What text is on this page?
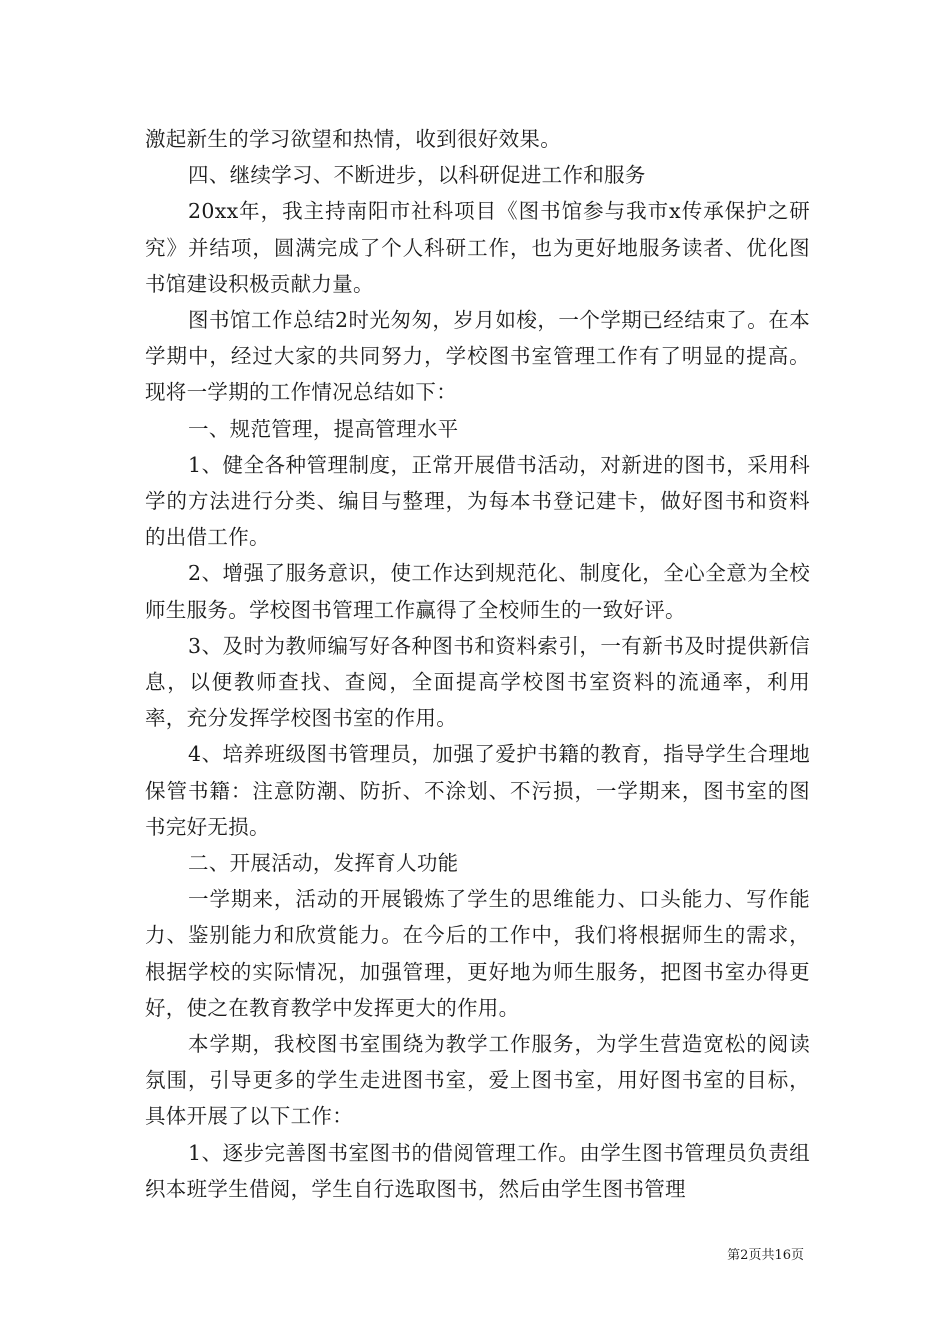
激起新生的学习欲望和热情，收到很好效果。

四、继续学习、不断进步，以科研促进工作和服务

20xx年，我主持南阳市社科项目《图书馆参与我市x传承保护之研究》并结项，圆满完成了个人科研工作，也为更好地服务读者、优化图书馆建设积极贡献力量。

图书馆工作总结2时光匆匆，岁月如梭，一个学期已经结束了。在本学期中，经过大家的共同努力，学校图书室管理工作有了明显的提高。现将一学期的工作情况总结如下：

一、规范管理，提高管理水平

1、健全各种管理制度，正常开展借书活动，对新进的图书，采用科学的方法进行分类、编目与整理，为每本书登记建卡，做好图书和资料的出借工作。

2、增强了服务意识，使工作达到规范化、制度化，全心全意为全校师生服务。学校图书管理工作赢得了全校师生的一致好评。

3、及时为教师编写好各种图书和资料索引，一有新书及时提供新信息，以便教师查找、查阅，全面提高学校图书室资料的流通率，利用率，充分发挥学校图书室的作用。

4、培养班级图书管理员，加强了爱护书籍的教育，指导学生合理地保管书籍：注意防潮、防折、不涂划、不污损，一学期来，图书室的图书完好无损。

二、开展活动，发挥育人功能

一学期来，活动的开展锻炼了学生的思维能力、口头能力、写作能力、鉴别能力和欣赏能力。在今后的工作中，我们将根据师生的需求，根据学校的实际情况，加强管理，更好地为师生服务，把图书室办得更好，使之在教育教学中发挥更大的作用。

本学期，我校图书室围绕为教学工作服务，为学生营造宽松的阅读氛围，引导更多的学生走进图书室，爱上图书室，用好图书室的目标，具体开展了以下工作：

1、逐步完善图书室图书的借阅管理工作。由学生图书管理员负责组织本班学生借阅，学生自行选取图书，然后由学生图书管理

第2页共16页
